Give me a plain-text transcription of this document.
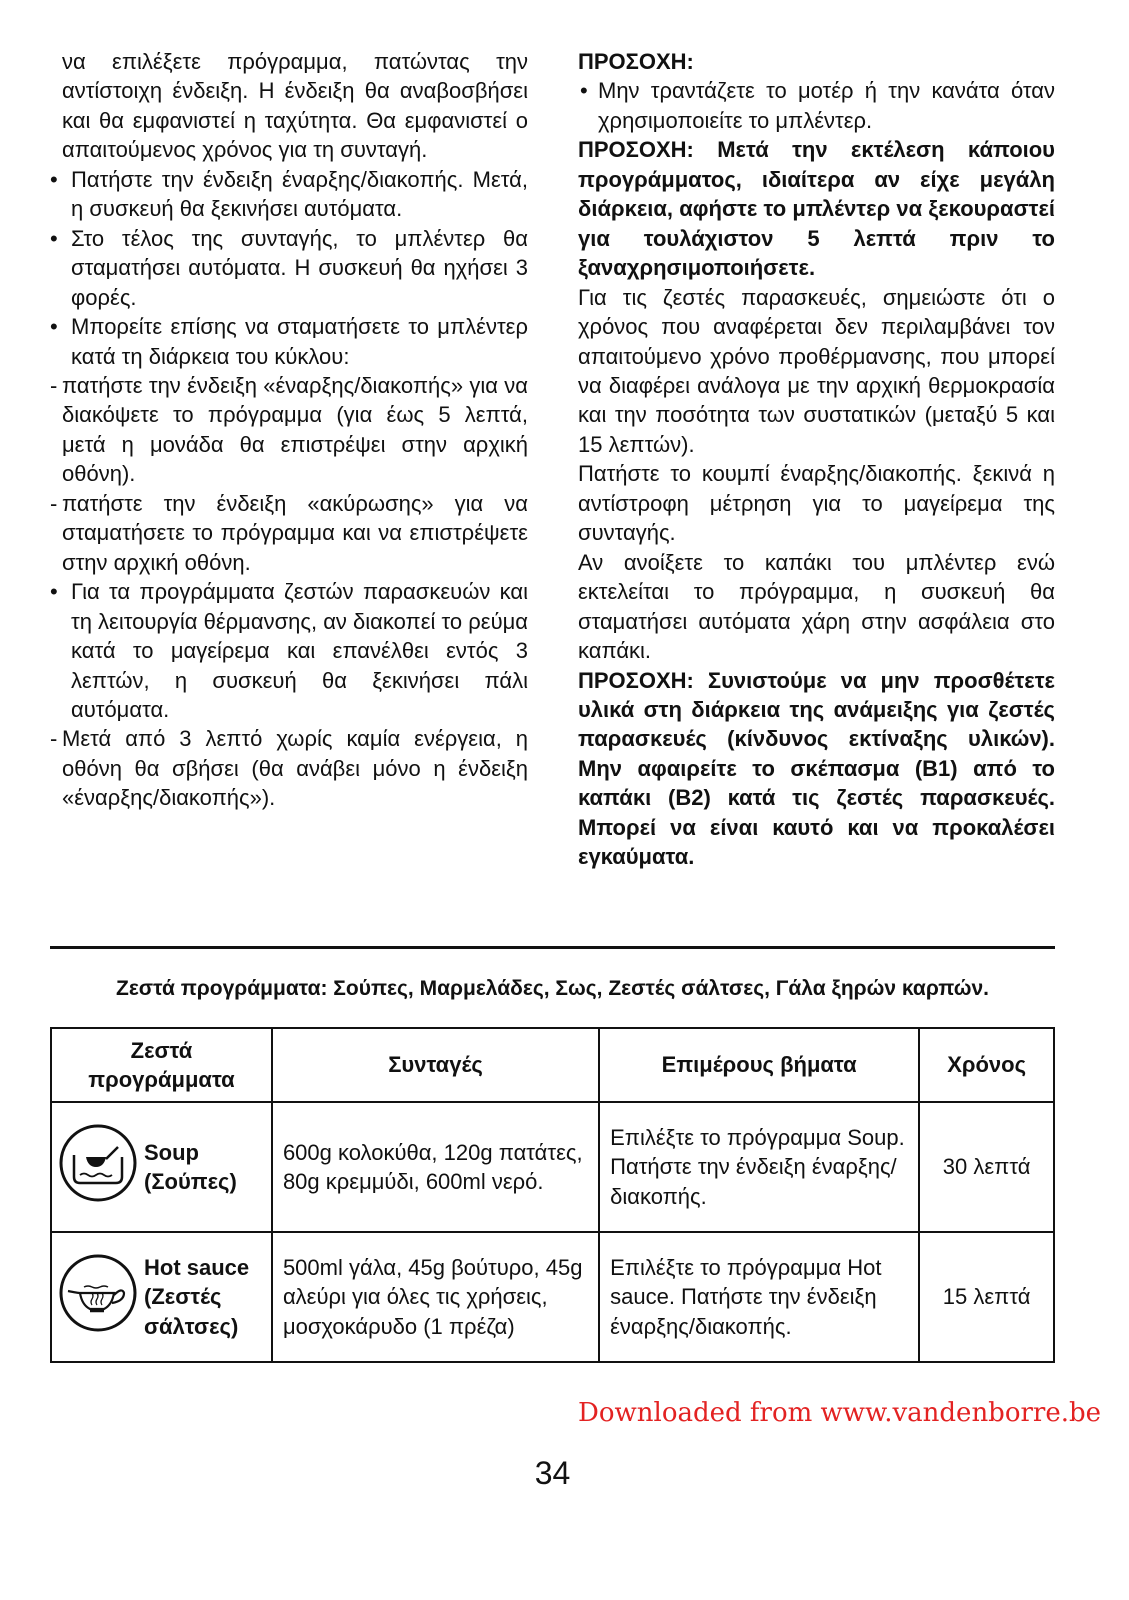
να επιλέξετε πρόγραμμα, πατώντας την αντίστοιχη ένδειξη. Η ένδειξη θα αναβοσβήσει και θα εμφανιστεί η ταχύτητα. Θα εμφανιστεί ο απαιτούμενος χρόνος για τη συνταγή.

• Πατήστε την ένδειξη έναρξης/διακοπής. Μετά, η συσκευή θα ξεκινήσει αυτόματα.

• Στο τέλος της συνταγής, το μπλέντερ θα σταματήσει αυτόματα. Η συσκευή θα ηχήσει 3 φορές.

• Μπορείτε επίσης να σταματήσετε το μπλέντερ κατά τη διάρκεια του κύκλου:

- πατήστε την ένδειξη «έναρξης/διακοπής» για να διακόψετε το πρόγραμμα (για έως 5 λεπτά, μετά η μονάδα θα επιστρέψει στην αρχική οθόνη).

- πατήστε την ένδειξη «ακύρωσης» για να σταματήσετε το πρόγραμμα και να επιστρέψετε στην αρχική οθόνη.

• Για τα προγράμματα ζεστών παρασκευών και τη λειτουργία θέρμανσης, αν διακοπεί το ρεύμα κατά το μαγείρεμα και επανέλθει εντός 3 λεπτών, η συσκευή θα ξεκινήσει πάλι αυτόματα.

- Μετά από 3 λεπτό χωρίς καμία ενέργεια, η οθόνη θα σβήσει (θα ανάβει μόνο η ένδειξη «έναρξης/διακοπής»).

ΠΡΟΣΟΧΗ:

• Μην τραντάζετε το μοτέρ ή την κανάτα όταν χρησιμοποιείτε το μπλέντερ.

ΠΡΟΣΟΧΗ: Μετά την εκτέλεση κάποιου προγράμματος, ιδιαίτερα αν είχε μεγάλη διάρκεια, αφήστε το μπλέντερ να ξεκουραστεί για τουλάχιστον 5 λεπτά πριν το ξαναχρησιμοποιήσετε.

Για τις ζεστές παρασκευές, σημειώστε ότι ο χρόνος που αναφέρεται δεν περιλαμβάνει τον απαιτούμενο χρόνο προθέρμανσης, που μπορεί να διαφέρει ανάλογα με την αρχική θερμοκρασία και την ποσότητα των συστατικών (μεταξύ 5 και 15 λεπτών).

Πατήστε το κουμπί έναρξης/διακοπής. ξεκινά η αντίστροφη μέτρηση για το μαγείρεμα της συνταγής.

Αν ανοίξετε το καπάκι του μπλέντερ ενώ εκτελείται το πρόγραμμα, η συσκευή θα σταματήσει αυτόματα χάρη στην ασφάλεια στο καπάκι.

ΠΡΟΣΟΧΗ: Συνιστούμε να μην προσθέτετε υλικά στη διάρκεια της ανάμειξης για ζεστές παρασκευές (κίνδυνος εκτίναξης υλικών). Μην αφαιρείτε το σκέπασμα (B1) από το καπάκι (B2) κατά τις ζεστές παρασκευές. Μπορεί να είναι καυτό και να προκαλέσει εγκαύματα.

Ζεστά προγράμματα: Σούπες, Μαρμελάδες, Σως, Ζεστές σάλτσες, Γάλα ξηρών καρπών.
Ζεστά προγράμματα	Συνταγές	Επιμέρους βήματα	Χρόνος

Soup (Σούπες)	600g κολοκύθα, 120g πατάτες, 80g κρεμμύδι, 600ml νερό.	Επιλέξτε το πρόγραμμα Soup. Πατήστε την ένδειξη έναρξης/διακοπής.	30 λεπτά

Hot sauce (Ζεστές σάλτσες)	500ml γάλα, 45g βούτυρο, 45g αλεύρι για όλες τις χρήσεις, μοσχοκάρυδο (1 πρέζα)	Επιλέξτε το πρόγραμμα Hot sauce. Πατήστε την ένδειξη έναρξης/διακοπής.	15 λεπτά
Downloaded from www.vandenborre.be
34
